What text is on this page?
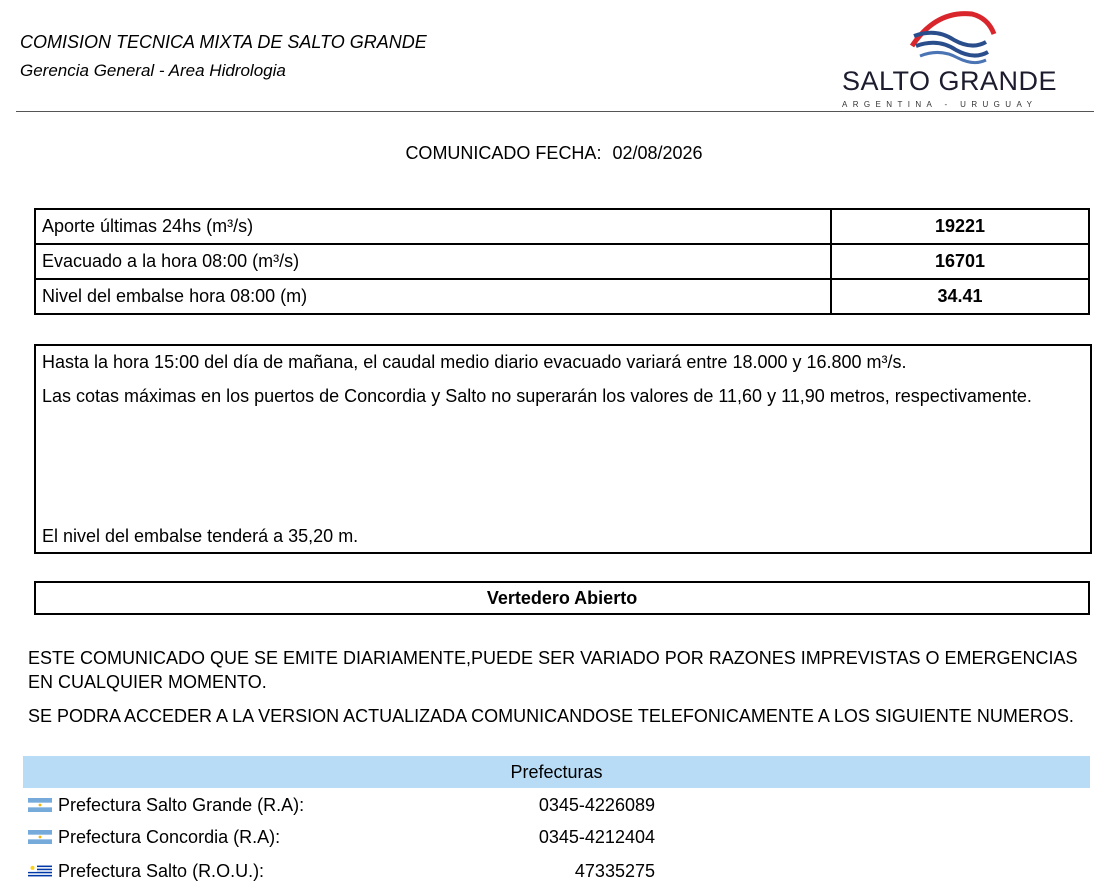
COMISION TECNICA MIXTA DE SALTO GRANDE
Gerencia General - Area Hidrologia	SALTO GRANDE
ARGENTINA - URUGUAY
COMUNICADO FECHA: 02/08/2026
Aporte últimas 24hs (m³/s)	19221
Evacuado a la hora 08:00 (m³/s)	16701
Nivel del embalse hora 08:00 (m)	34.41

Hasta la hora 15:00 del día de mañana, el caudal medio diario evacuado variará entre 18.000 y 16.800 m³/s.

Las cotas máximas en los puertos de Concordia y Salto no superarán los valores de 11,60 y 11,90 metros, respectivamente.

El nivel del embalse tenderá a 35,20 m.
Vertedero Abierto
ESTE COMUNICADO QUE SE EMITE DIARIAMENTE,PUEDE SER VARIADO POR RAZONES IMPREVISTAS O EMERGENCIAS EN CUALQUIER MOMENTO.
SE PODRA ACCEDER A LA VERSION ACTUALIZADA COMUNICANDOSE TELEFONICAMENTE A LOS SIGUIENTE NUMEROS.
Prefecturas
Prefectura Salto Grande (R.A):	0345-4226089
Prefectura Concordia (R.A):	0345-4212404
Prefectura Salto (R.O.U.):	47335275
